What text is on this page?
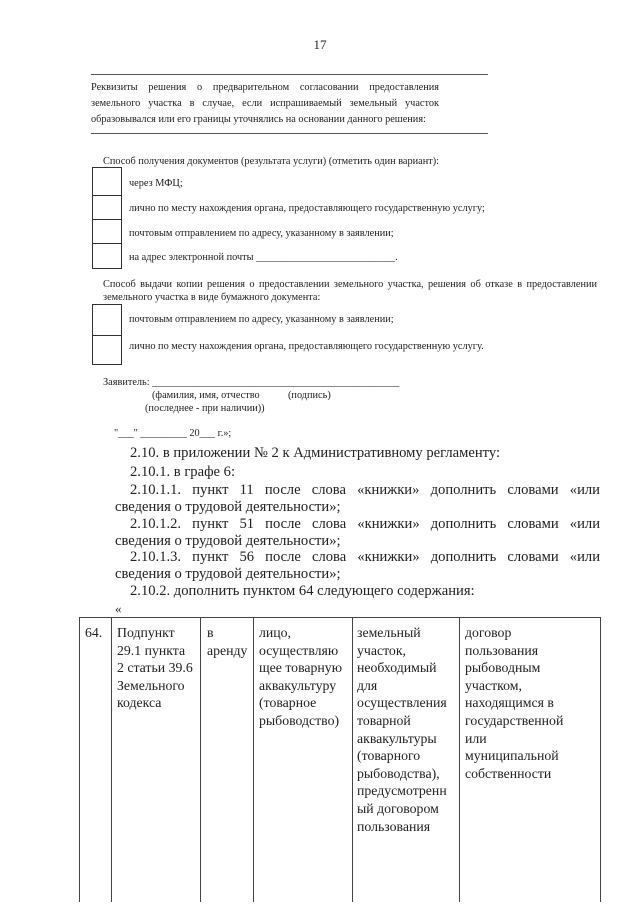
17
Реквизиты решения о предварительном согласовании предоставления
земельного участка в случае, если испрашиваемый земельный участок
образовывался или его границы уточнялись на основании данного решения:
Способ получения документов (результата услуги) (отметить один вариант):
через МФЦ;
лично по месту нахождения органа, предоставляющего государственную услугу;
почтовым отправлением по адресу, указанному в заявлении;
на адрес электронной почты ___________________________.
Способ выдачи копии решения о предоставлении земельного участка, решения об отказе в предоставлении
земельного участка в виде бумажного документа:
почтовым отправлением по адресу, указанному в заявлении;
лично по месту нахождения органа, предоставляющего государственную услугу.
Заявитель: ________________________________________________
(фамилия, имя, отчество	(подпись)
(последнее - при наличии))
"___" _________ 20___ г.»;
2.10. в приложении № 2 к Административному регламенту:
2.10.1. в графе 6:
2.10.1.1. пункт 11 после слова «книжки» дополнить словами «или
сведения о трудовой деятельности»;
2.10.1.2. пункт 51 после слова «книжки» дополнить словами «или
сведения о трудовой деятельности»;
2.10.1.3. пункт 56 после слова «книжки» дополнить словами «или
сведения о трудовой деятельности»;
2.10.2. дополнить пунктом 64 следующего содержания:
«
64. Подпункт
29.1 пункта
2 статьи 39.6
Земельного
кодекса
в
аренду
лицо,
осуществляю
щее товарную
аквакультуру
(товарное
рыбоводство)
земельный
участок,
необходимый
для
осуществления
товарной
аквакультуры
(товарного
рыбоводства),
предусмотренн
ый договором
пользования
договор
пользования
рыбоводным
участком,
находящимся в
государственной
или
муниципальной
собственности
